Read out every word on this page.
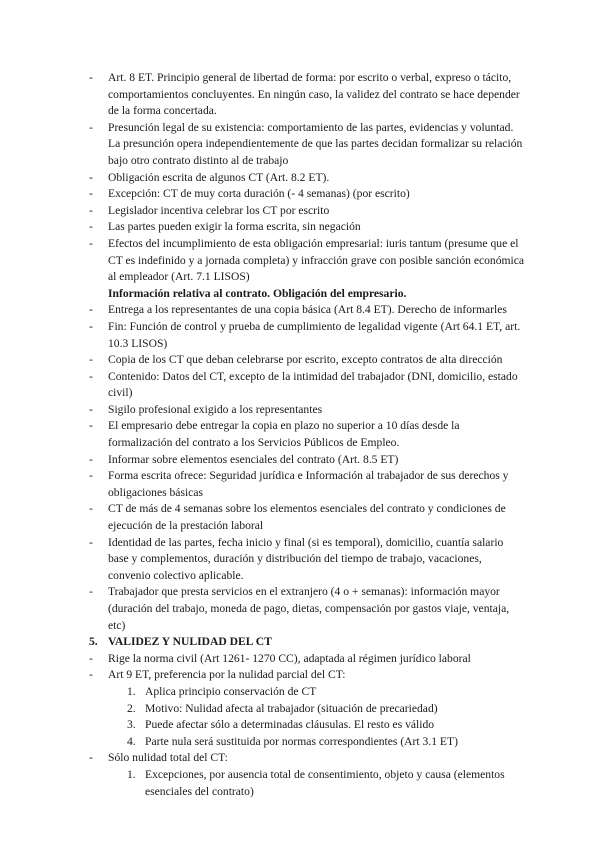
- Art. 8 ET. Principio general de libertad de forma: por escrito o verbal, expreso o tácito, comportamientos concluyentes. En ningún caso, la validez del contrato se hace depender de la forma concertada.
- Presunción legal de su existencia: comportamiento de las partes, evidencias y voluntad. La presunción opera independientemente de que las partes decidan formalizar su relación bajo otro contrato distinto al de trabajo
- Obligación escrita de algunos CT (Art. 8.2 ET).
- Excepción: CT de muy corta duración (- 4 semanas) (por escrito)
- Legislador incentiva celebrar los CT por escrito
- Las partes pueden exigir la forma escrita, sin negación
- Efectos del incumplimiento de esta obligación empresarial: iuris tantum (presume que el CT es indefinido y a jornada completa) y infracción grave con posible sanción económica al empleador (Art. 7.1 LISOS)
Información relativa al contrato. Obligación del empresario.
- Entrega a los representantes de una copia básica (Art 8.4 ET). Derecho de informarles
- Fin: Función de control y prueba de cumplimiento de legalidad vigente (Art 64.1 ET, art. 10.3 LISOS)
- Copia de los CT que deban celebrarse por escrito, excepto contratos de alta dirección
- Contenido: Datos del CT, excepto de la intimidad del trabajador (DNI, domicilio, estado civil)
- Sigilo profesional exigido a los representantes
- El empresario debe entregar la copia en plazo no superior a 10 días desde la formalización del contrato a los Servicios Públicos de Empleo.
- Informar sobre elementos esenciales del contrato (Art. 8.5 ET)
- Forma escrita ofrece: Seguridad jurídica e Información al trabajador de sus derechos y obligaciones básicas
- CT de más de 4 semanas sobre los elementos esenciales del contrato y condiciones de ejecución de la prestación laboral
- Identidad de las partes, fecha inicio y final (si es temporal), domicilio, cuantía salario base y complementos, duración y distribución del tiempo de trabajo, vacaciones, convenio colectivo aplicable.
- Trabajador que presta servicios en el extranjero (4 o + semanas): información mayor (duración del trabajo, moneda de pago, dietas, compensación por gastos viaje, ventaja, etc)
5. VALIDEZ Y NULIDAD DEL CT
- Rige la norma civil (Art 1261- 1270 CC), adaptada al régimen jurídico laboral
- Art 9 ET, preferencia por la nulidad parcial del CT:
1. Aplica principio conservación de CT
2. Motivo: Nulidad afecta al trabajador (situación de precariedad)
3. Puede afectar sólo a determinadas cláusulas. El resto es válido
4. Parte nula será sustituida por normas correspondientes (Art 3.1 ET)
- Sólo nulidad total del CT:
1. Excepciones, por ausencia total de consentimiento, objeto y causa (elementos esenciales del contrato)
